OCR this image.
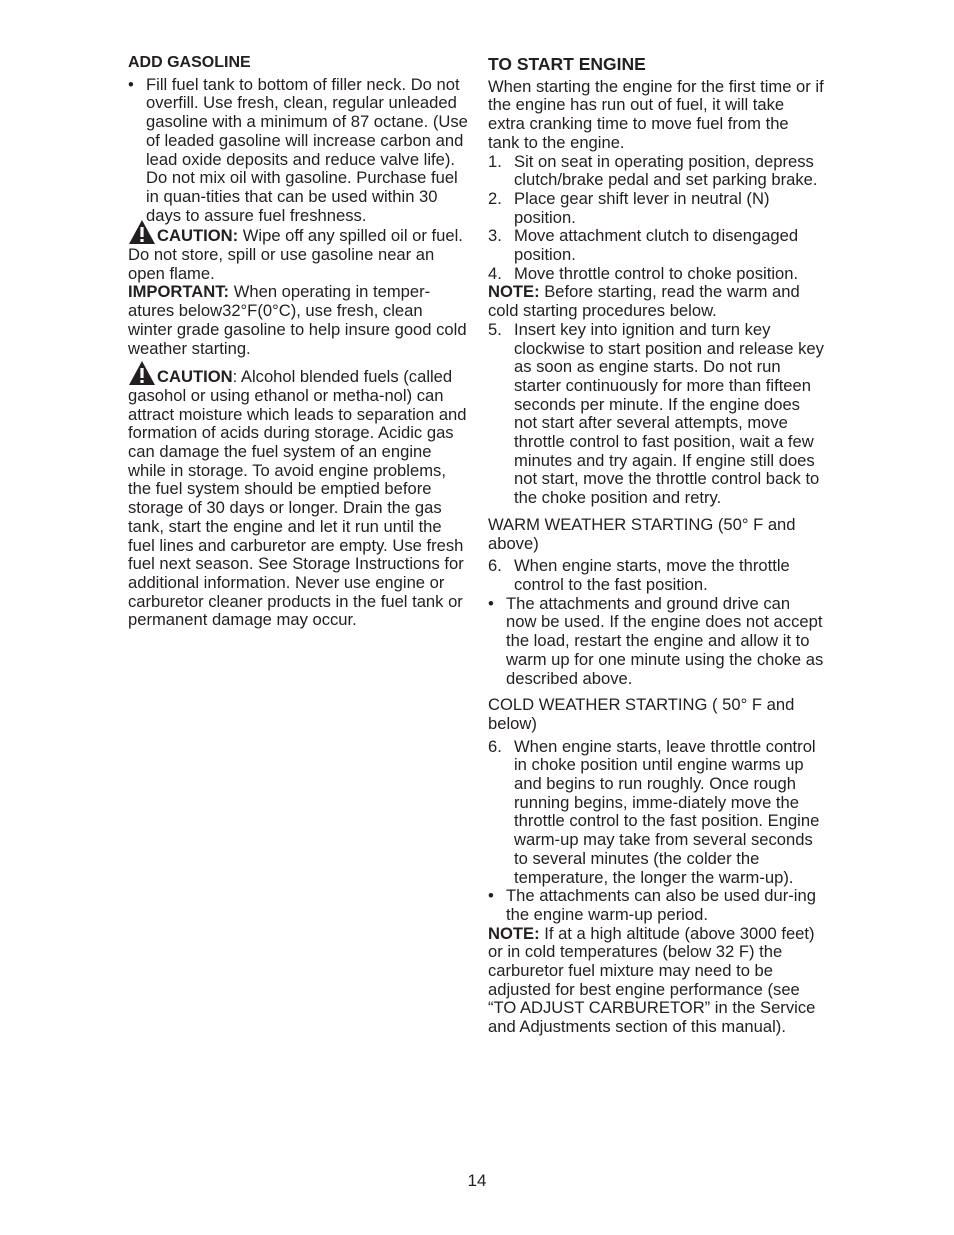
ADD GASOLINE

• Fill fuel tank to bottom of filler neck. Do not overfill. Use fresh, clean, regular unleaded gasoline with a minimum of 87 octane. (Use of leaded gasoline will increase carbon and lead oxide deposits and reduce valve life). Do not mix oil with gasoline. Purchase fuel in quan-tities that can be used within 30 days to assure fuel freshness.

CAUTION: Wipe off any spilled oil or fuel. Do not store, spill or use gasoline near an open flame.

IMPORTANT: When operating in temper-atures below32°F(0°C), use fresh, clean winter grade gasoline to help insure good cold weather starting.

CAUTION: Alcohol blended fuels (called gasohol or using ethanol or metha-nol) can attract moisture which leads to separation and formation of acids during storage. Acidic gas can damage the fuel system of an engine while in storage. To avoid engine problems, the fuel system should be emptied before storage of 30 days or longer. Drain the gas tank, start the engine and let it run until the fuel lines and carburetor are empty. Use fresh fuel next season. See Storage Instructions for additional information. Never use engine or carburetor cleaner products in the fuel tank or permanent damage may occur.

TO START ENGINE

When starting the engine for the first time or if the engine has run out of fuel, it will take extra cranking time to move fuel from the tank to the engine.

1. Sit on seat in operating position, depress clutch/brake pedal and set parking brake.

2. Place gear shift lever in neutral (N) position.

3. Move attachment clutch to disengaged position.

4. Move throttle control to choke position.

NOTE: Before starting, read the warm and cold starting procedures below.

5. Insert key into ignition and turn key clockwise to start position and release key as soon as engine starts. Do not run starter continuously for more than fifteen seconds per minute. If the engine does not start after several attempts, move throttle control to fast position, wait a few minutes and try again. If engine still does not start, move the throttle control back to the choke position and retry.

WARM WEATHER STARTING (50° F and above)

6. When engine starts, move the throttle control to the fast position.

• The attachments and ground drive can now be used. If the engine does not accept the load, restart the engine and allow it to warm up for one minute using the choke as described above.

COLD WEATHER STARTING ( 50° F and below)

6. When engine starts, leave throttle control in choke position until engine warms up and begins to run roughly. Once rough running begins, imme-diately move the throttle control to the fast position. Engine warm-up may take from several seconds to several minutes (the colder the temperature, the longer the warm-up).

• The attachments can also be used dur-ing the engine warm-up period.

NOTE: If at a high altitude (above 3000 feet) or in cold temperatures (below 32 F) the carburetor fuel mixture may need to be adjusted for best engine performance (see “TO ADJUST CARBURETOR” in the Service and Adjustments section of this manual).

14
